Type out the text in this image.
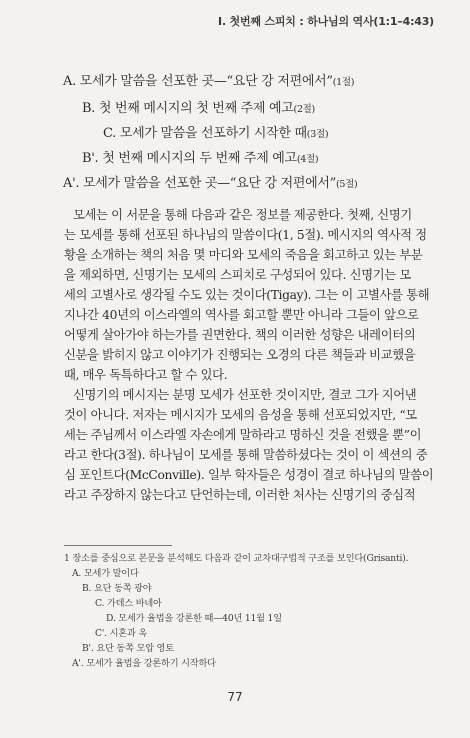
Ⅰ. 첫번째 스피치 : 하나님의 역사(1:1–4:43)
A. 모세가 말씀을 선포한 곳—“요단 강 저편에서”(1절)
B. 첫 번째 메시지의 첫 번째 주제 예고(2절)
C. 모세가 말씀을 선포하기 시작한 때(3절)
B'. 첫 번째 메시지의 두 번째 주제 예고(4절)
A'. 모세가 말씀을 선포한 곳—“요단 강 저편에서”(5절)
모세는 이 서문을 통해 다음과 같은 정보를 제공한다. 첫째, 신명기
는 모세를 통해 선포된 하나님의 말씀이다(1, 5절). 메시지의 역사적 정
황을 소개하는 책의 처음 몇 마디와 모세의 죽음을 회고하고 있는 부분
을 제외하면, 신명기는 모세의 스피치로 구성되어 있다. 신명기는 모
세의 고별사로 생각될 수도 있는 것이다(Tigay). 그는 이 고별사를 통해
지나간 40년의 이스라엘의 역사를 회고할 뿐만 아니라 그들이 앞으로
어떻게 살아가야 하는가를 권면한다. 책의 이러한 성향은 내레이터의
신분을 밝히지 않고 이야기가 진행되는 오경의 다른 책들과 비교했을
때, 매우 독특하다고 할 수 있다.
신명기의 메시지는 분명 모세가 선포한 것이지만, 결코 그가 지어낸
것이 아니다. 저자는 메시지가 모세의 음성을 통해 선포되었지만, “모
세는 주님께서 이스라엘 자손에게 말하라고 명하신 것을 전했을 뿐”이
라고 한다(3절). 하나님이 모세를 통해 말씀하셨다는 것이 이 섹션의 중
심 포인트다(McConville). 일부 학자들은 성경이 결코 하나님의 말씀이
라고 주장하지 않는다고 단언하는데, 이러한 처사는 신명기의 중심적
1 장소를 중심으로 본문을 분석해도 다음과 같이 교차대구법적 구조를 보인다(Grisanti).
A. 모세가 말이다
B. 요단 동쪽 광야
C. 가데스 바네아
D. 모세가 율법을 강론한 때—40년 11월 1일
C'. 시혼과 옥
B'. 요단 동쪽 모압 영토
A'. 모세가 율법을 강론하기 시작하다
77
